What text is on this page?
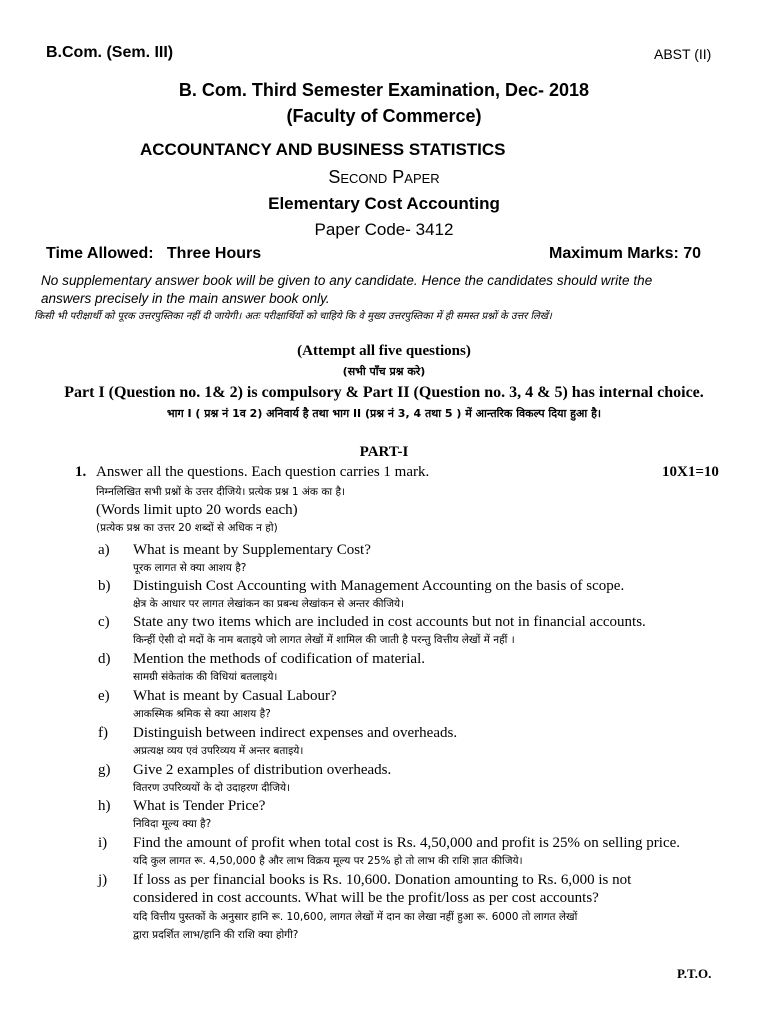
B.Com. (Sem. III)	ABST (II)
B. Com. Third Semester Examination, Dec- 2018
(Faculty of Commerce)
ACCOUNTANCY AND BUSINESS STATISTICS
Second Paper
Elementary Cost Accounting
Paper Code- 3412
Time Allowed:   Three Hours	Maximum Marks: 70
No supplementary answer book will be given to any candidate. Hence the candidates should write the
answers precisely in the main answer book only.
किसी भी परीक्षार्थी को पूरक उत्तरपुस्तिका नहीं दी जायेगी। अतः परीक्षार्थियों को चाहिये कि वे मुख्य उत्तरपुस्तिका में ही समस्त प्रश्नों के उत्तर लिखें।
(Attempt all five questions)
(सभी पाँच प्रश्न करे)
Part I (Question no. 1& 2) is compulsory & Part II (Question no. 3, 4 & 5) has internal choice.
भाग I ( प्रश्न नं 1व 2) अनिवार्य है तथा भाग II (प्रश्न नं 3, 4 तथा 5 ) में आन्तरिक विकल्प दिया हुआ है।
PART-I
1. Answer all the questions. Each question carries 1 mark.	10X1=10
निम्नलिखित सभी प्रश्नों के उत्तर दीजिये। प्रत्येक प्रश्न 1 अंक का है।
(Words limit upto 20 words each)
(प्रत्येक प्रश्न का उत्तर 20 शब्दों से अधिक न हो)
a) What is meant by Supplementary Cost?
पूरक लागत से क्या आशय है?
b) Distinguish Cost Accounting with Management Accounting on the basis of scope.
क्षेत्र के आधार पर लागत लेखांकन का प्रबन्ध लेखांकन से अन्तर कीजिये।
c) State any two items which are included in cost accounts but not in financial accounts.
किन्हीं ऐसी दो मदों के नाम बताइये जो लागत लेखों में शामिल की जाती है परन्तु वित्तीय लेखों में नहीं ।
d) Mention the methods of codification of material.
सामग्री संकेतांक की विधियां बतलाइये।
e) What is meant by Casual Labour?
आकस्मिक श्रमिक से क्या आशय है?
f) Distinguish between indirect expenses and overheads.
अप्रत्यक्ष व्यय एवं उपरिव्यय में अन्तर बताइये।
g) Give 2 examples of distribution overheads.
वितरण उपरिव्ययों के दो उदाहरण दीजिये।
h) What is Tender Price?
निविदा मूल्य क्या है?
i) Find the amount of profit when total cost is Rs. 4,50,000 and profit is 25% on selling price.
यदि कुल लागत रू. 4,50,000 है और लाभ विक्रय मूल्य पर 25% हो तो लाभ की राशि ज्ञात कीजिये।
j) If loss as per financial books is Rs. 10,600. Donation amounting to Rs. 6,000 is not
considered in cost accounts. What will be the profit/loss as per cost accounts?
यदि वित्तीय पुस्तकों के अनुसार हानि रू. 10,600, लागत लेखों में दान का लेखा नहीं हुआ रू. 6000 तो लागत लेखों
द्वारा प्रदर्शित लाभ/हानि की राशि क्या होगी?
P.T.O.
